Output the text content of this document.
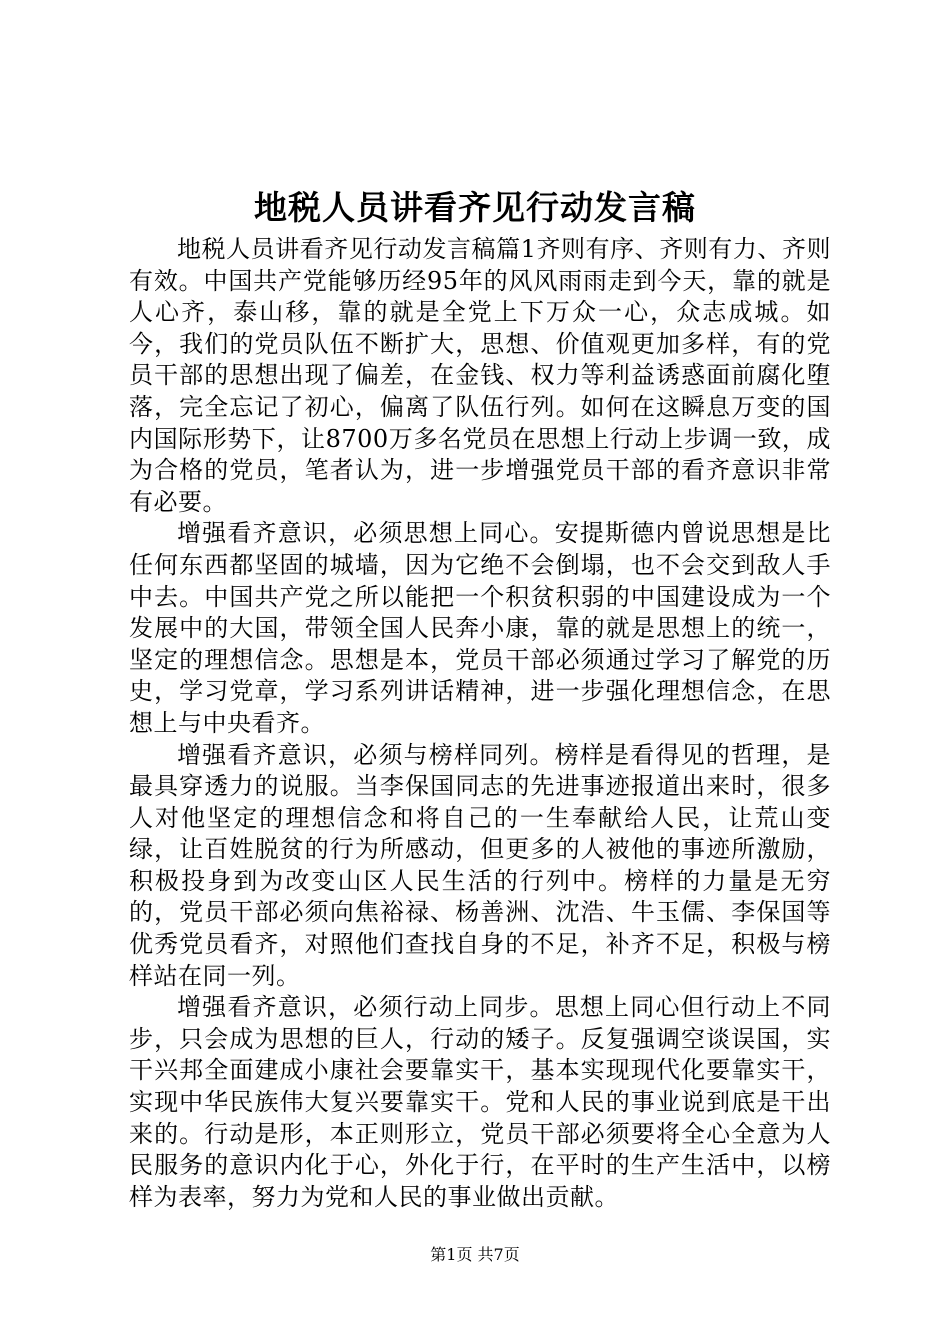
地税人员讲看齐见行动发言稿

地税人员讲看齐见行动发言稿篇1齐则有序、齐则有力、齐则有效。中国共产党能够历经95年的风风雨雨走到今天，靠的就是人心齐，泰山移，靠的就是全党上下万众一心，众志成城。如今，我们的党员队伍不断扩大，思想、价值观更加多样，有的党员干部的思想出现了偏差，在金钱、权力等利益诱惑面前腐化堕落，完全忘记了初心，偏离了队伍行列。如何在这瞬息万变的国内国际形势下，让8700万多名党员在思想上行动上步调一致，成为合格的党员，笔者认为，进一步增强党员干部的看齐意识非常有必要。

增强看齐意识，必须思想上同心。安提斯德内曾说思想是比任何东西都坚固的城墙，因为它绝不会倒塌，也不会交到敌人手中去。中国共产党之所以能把一个积贫积弱的中国建设成为一个发展中的大国，带领全国人民奔小康，靠的就是思想上的统一，坚定的理想信念。思想是本，党员干部必须通过学习了解党的历史，学习党章，学习系列讲话精神，进一步强化理想信念，在思想上与中央看齐。

增强看齐意识，必须与榜样同列。榜样是看得见的哲理，是最具穿透力的说服。当李保国同志的先进事迹报道出来时，很多人对他坚定的理想信念和将自己的一生奉献给人民，让荒山变绿，让百姓脱贫的行为所感动，但更多的人被他的事迹所激励，积极投身到为改变山区人民生活的行列中。榜样的力量是无穷的，党员干部必须向焦裕禄、杨善洲、沈浩、牛玉儒、李保国等优秀党员看齐，对照他们查找自身的不足，补齐不足，积极与榜样站在同一列。

增强看齐意识，必须行动上同步。思想上同心但行动上不同步，只会成为思想的巨人，行动的矮子。反复强调空谈误国，实干兴邦全面建成小康社会要靠实干，基本实现现代化要靠实干，实现中华民族伟大复兴要靠实干。党和人民的事业说到底是干出来的。行动是形，本正则形立，党员干部必须要将全心全意为人民服务的意识内化于心，外化于行，在平时的生产生活中，以榜样为表率，努力为党和人民的事业做出贡献。

第1页 共7页
